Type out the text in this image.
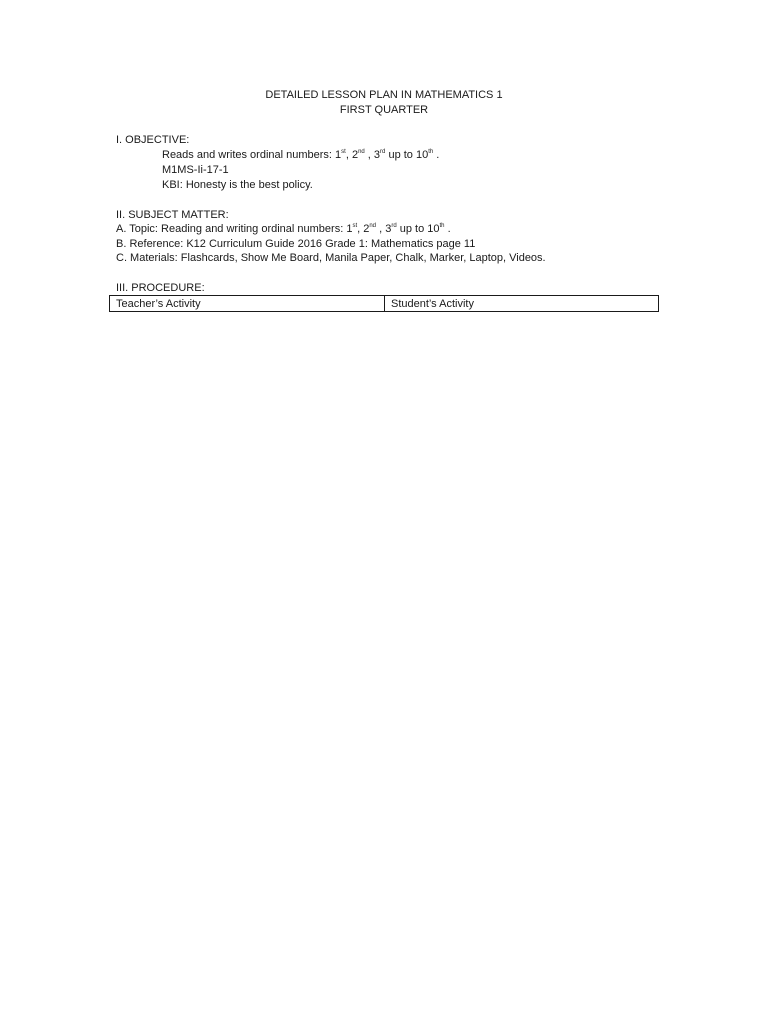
DETAILED LESSON PLAN IN MATHEMATICS 1
FIRST QUARTER
I. OBJECTIVE:
Reads and writes ordinal numbers: 1st, 2nd , 3rd up to 10th .
M1MS-Ii-17-1
KBI: Honesty is the best policy.
II. SUBJECT MATTER:
A. Topic: Reading and writing ordinal numbers: 1st, 2nd , 3rd up to 10th .
B. Reference: K12 Curriculum Guide 2016 Grade 1: Mathematics page 11
C. Materials: Flashcards, Show Me Board, Manila Paper, Chalk, Marker, Laptop, Videos.
III. PROCEDURE:
Teacher’s Activity	Student’s Activity
